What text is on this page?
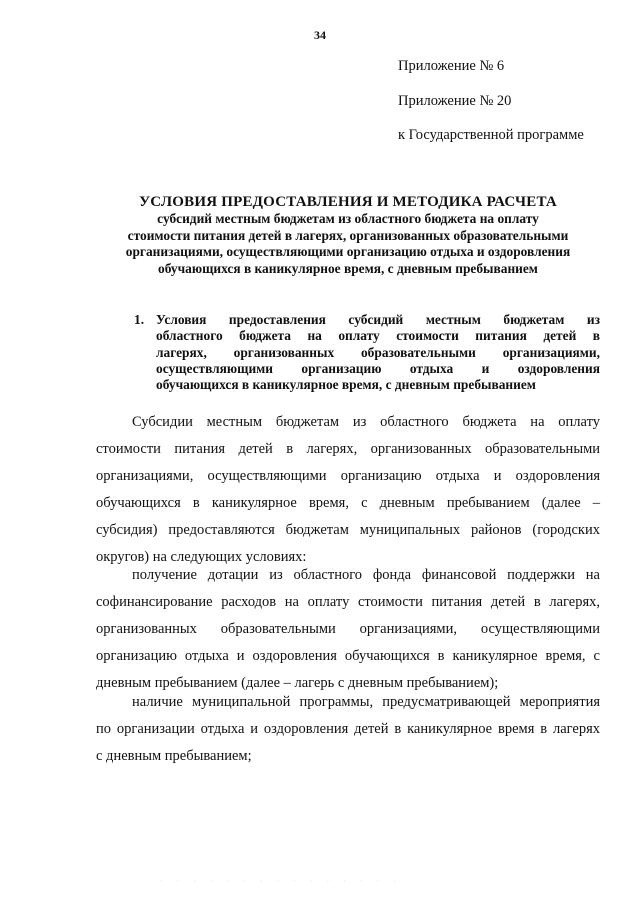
34
Приложение № 6
Приложение № 20
к Государственной программе
УСЛОВИЯ ПРЕДОСТАВЛЕНИЯ И МЕТОДИКА РАСЧЕТА
субсидий местным бюджетам из областного бюджета на оплату
стоимости питания детей в лагерях, организованных образовательными
организациями, осуществляющими организацию отдыха и оздоровления
обучающихся в каникулярное время, с дневным пребыванием
1. Условия предоставления субсидий местным бюджетам из
областного бюджета на оплату стоимости питания детей в
лагерях, организованных образовательными организациями,
осуществляющими организацию отдыха и оздоровления
обучающихся в каникулярное время, с дневным пребыванием
Субсидии местным бюджетам из областного бюджета на оплату
стоимости питания детей в лагерях, организованных образовательными
организациями, осуществляющими организацию отдыха и оздоровления
обучающихся в каникулярное время, с дневным пребыванием (далее –
субсидия) предоставляются бюджетам муниципальных районов (городских
округов) на следующих условиях:
получение дотации из областного фонда финансовой поддержки на
софинансирование расходов на оплату стоимости питания детей в лагерях,
организованных образовательными организациями, осуществляющими
организацию отдыха и оздоровления обучающихся в каникулярное время, с
дневным пребыванием (далее – лагерь с дневным пребыванием);
наличие муниципальной программы, предусматривающей мероприятия
по организации отдыха и оздоровления детей в каникулярное время в лагерях
с дневным пребыванием;
· · · · · · · · · · · · · · ·
